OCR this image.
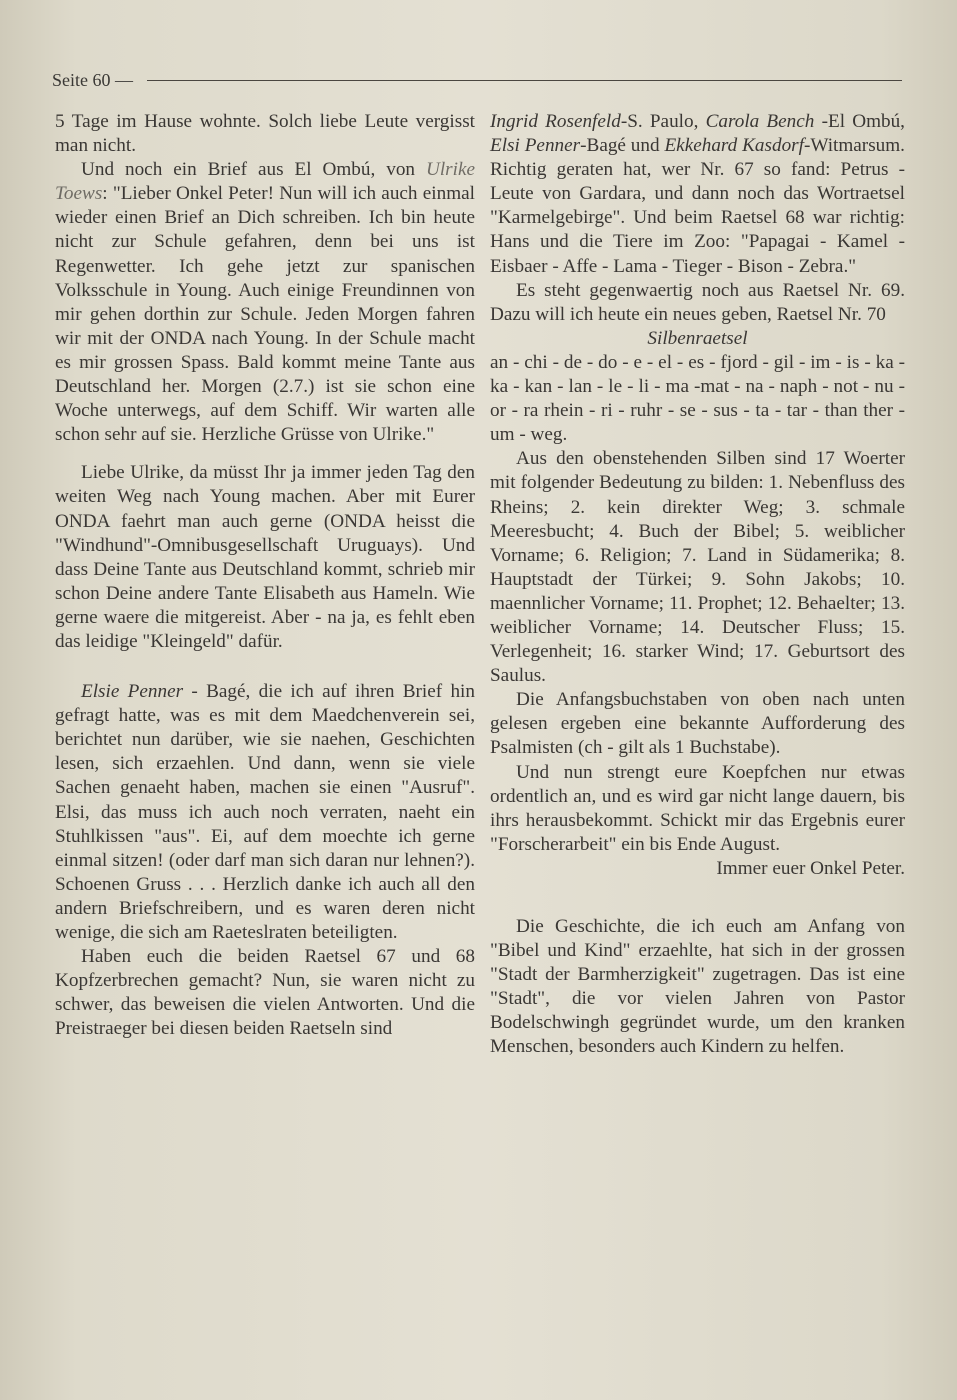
Seite 60 —

5 Tage im Hause wohnte. Solch liebe Leute vergisst man nicht.

Und noch ein Brief aus El Ombú, von Ulrike Toews: "Lieber Onkel Peter! Nun will ich auch einmal wieder einen Brief an Dich schreiben. Ich bin heute nicht zur Schule gefahren, denn bei uns ist Regenwetter. Ich gehe jetzt zur spanischen Volksschule in Young. Auch einige Freundinnen von mir gehen dorthin zur Schule. Jeden Morgen fahren wir mit der ONDA nach Young. In der Schule macht es mir grossen Spass. Bald kommt meine Tante aus Deutschland her. Morgen (2.7.) ist sie schon eine Woche unterwegs, auf dem Schiff. Wir warten alle schon sehr auf sie. Herzliche Grüsse von Ulrike."

Liebe Ulrike, da müsst Ihr ja immer jeden Tag den weiten Weg nach Young machen. Aber mit Eurer ONDA faehrt man auch gerne (ONDA heisst die "Windhund"-Omnibusgesellschaft Uruguays). Und dass Deine Tante aus Deutschland kommt, schrieb mir schon Deine andere Tante Elisabeth aus Hameln. Wie gerne waere die mitgereist. Aber - na ja, es fehlt eben das leidige "Kleingeld" dafür.

Elsie Penner - Bagé, die ich auf ihren Brief hin gefragt hatte, was es mit dem Maedchenverein sei, berichtet nun darüber, wie sie naehen, Geschichten lesen, sich erzaehlen. Und dann, wenn sie viele Sachen genaeht haben, machen sie einen "Ausruf". Elsi, das muss ich auch noch verraten, naeht ein Stuhlkissen "aus". Ei, auf dem moechte ich gerne einmal sitzen! (oder darf man sich daran nur lehnen?). Schoenen Gruss . . . Herzlich danke ich auch all den andern Briefschreibern, und es waren deren nicht wenige, die sich am Raeteslraten beteiligten.

Haben euch die beiden Raetsel 67 und 68 Kopfzerbrechen gemacht? Nun, sie waren nicht zu schwer, das beweisen die vielen Antworten. Und die Preistraeger bei diesen beiden Raetseln sind

Ingrid Rosenfeld-S. Paulo, Carola Bench -El Ombú, Elsi Penner-Bagé und Ekkehard Kasdorf-Witmarsum. Richtig geraten hat, wer Nr. 67 so fand: Petrus - Leute von Gardara, und dann noch das Wortraetsel "Karmelgebirge". Und beim Raetsel 68 war richtig: Hans und die Tiere im Zoo: "Papagai - Kamel - Eisbaer - Affe - Lama - Tieger - Bison - Zebra."

Es steht gegenwaertig noch aus Raetsel Nr. 69. Dazu will ich heute ein neues geben, Raetsel Nr. 70

Silbenraetsel

an - chi - de - do - e - el - es - fjord - gil - im - is - ka - ka - kan - lan - le - li - ma -mat - na - naph - not - nu - or - ra rhein - ri - ruhr - se - sus - ta - tar - than ther - um - weg.

Aus den obenstehenden Silben sind 17 Woerter mit folgender Bedeutung zu bilden: 1. Nebenfluss des Rheins; 2. kein direkter Weg; 3. schmale Meeresbucht; 4. Buch der Bibel; 5. weiblicher Vorname; 6. Religion; 7. Land in Südamerika; 8. Hauptstadt der Türkei; 9. Sohn Jakobs; 10. maennlicher Vorname; 11. Prophet; 12. Behaelter; 13. weiblicher Vorname; 14. Deutscher Fluss; 15. Verlegenheit; 16. starker Wind; 17. Geburtsort des Saulus.

Die Anfangsbuchstaben von oben nach unten gelesen ergeben eine bekannte Aufforderung des Psalmisten (ch - gilt als 1 Buchstabe).

Und nun strengt eure Koepfchen nur etwas ordentlich an, und es wird gar nicht lange dauern, bis ihrs herausbekommt. Schickt mir das Ergebnis eurer "Forscherarbeit" ein bis Ende August.

Immer euer Onkel Peter.

Die Geschichte, die ich euch am Anfang von "Bibel und Kind" erzaehlte, hat sich in der grossen "Stadt der Barmherzigkeit" zugetragen. Das ist eine "Stadt", die vor vielen Jahren von Pastor Bodelschwingh gegründet wurde, um den kranken Menschen, besonders auch Kindern zu helfen.
